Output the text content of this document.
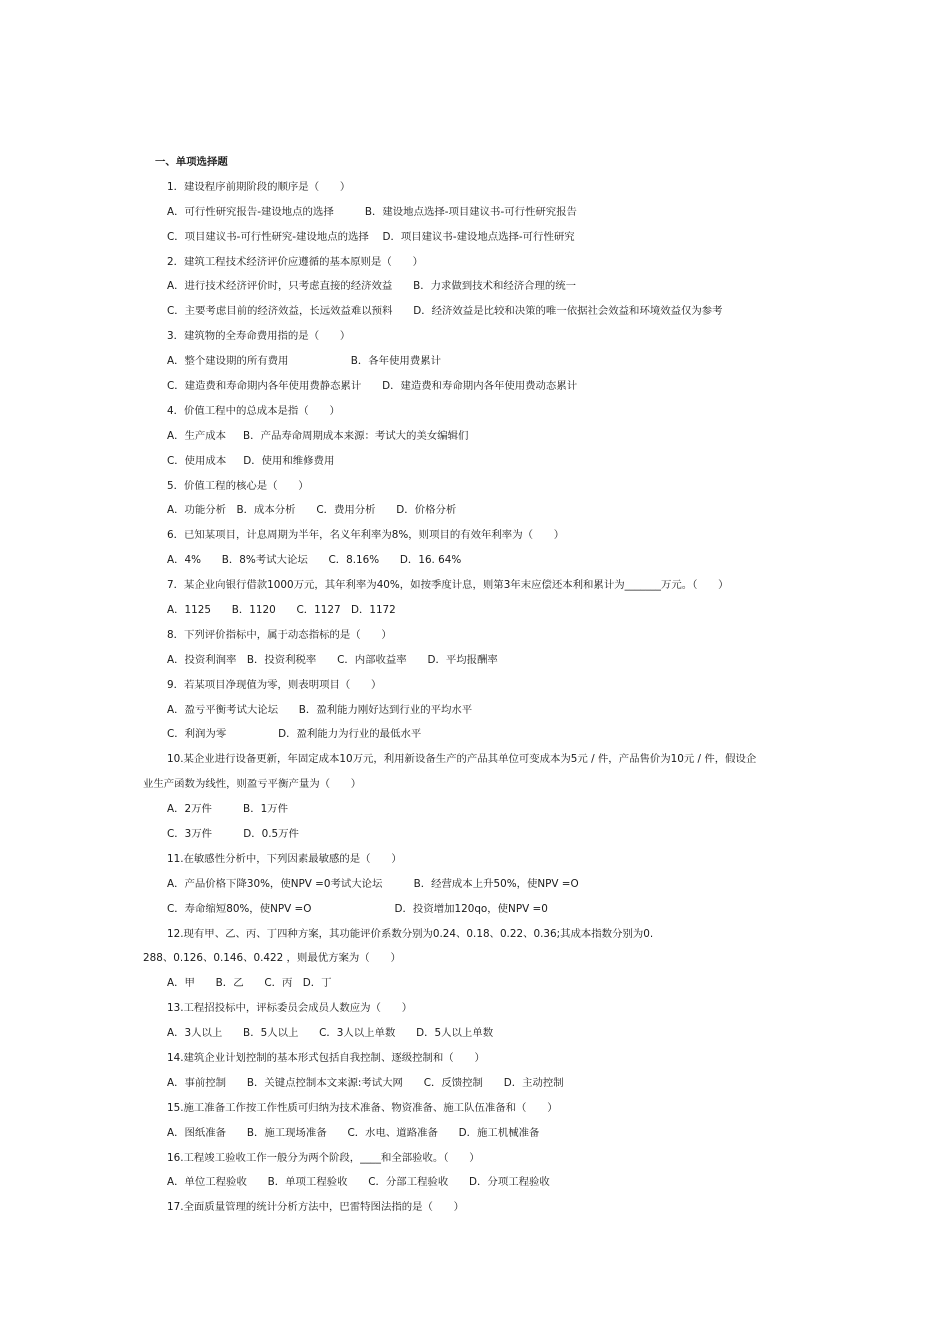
一、单项选择题
1．建设程序前期阶段的顺序是（　　）
A．可行性研究报告-建设地点的选择　　　B．建设地点选择-项目建议书-可行性研究报告
C．项目建议书-可行性研究-建设地点的选择　 D．项目建议书-建设地点选择-可行性研究
2．建筑工程技术经济评价应遵循的基本原则是（　　）
A．进行技术经济评价时，只考虑直接的经济效益　　B．力求做到技术和经济合理的统一
C．主要考虑目前的经济效益，长远效益难以预料　　D．经济效益是比较和决策的唯一依据社会效益和环境效益仅为参考
3．建筑物的全寿命费用指的是（　　）
A．整个建设期的所有费用　　　　　　B．各年使用费累计
C．建造费和寿命期内各年使用费静态累计　　D．建造费和寿命期内各年使用费动态累计
4．价值工程中的总成本是指（　　）
A．生产成本　  B．产品寿命周期成本来源：考试大的美女编辑们
C．使用成本　  D．使用和维修费用
5．价值工程的核心是（　　）
A．功能分析　B．成本分析　　C．费用分析　　D．价格分析
6．已知某项目，计息周期为半年，名义年利率为8%，则项目的有效年利率为（　　）
A．4%　　B．8%考试大论坛　　C．8.16%　　D．16. 64%
7．某企业向银行借款1000万元，其年利率为40%，如按季度计息，则第3年末应偿还本利和累计为_______万元。（　　）
A．1125　　B．1120　　C．1127　D．1172
8．下列评价指标中，属于动态指标的是（　　）
A．投资利润率　B．投资利税率　　C．内部收益率　　D．平均报酬率
9．若某项目净现值为零，则表明项目（　　）
A．盈亏平衡考试大论坛　　B．盈利能力刚好达到行业的平均水平
C．利润为零　　　　　D．盈利能力为行业的最低水平
10.某企业进行设备更新，年固定成本10万元，利用新设备生产的产品其单位可变成本为5元 / 件，产品售价为10元 / 件，假设企
业生产函数为线性，则盈亏平衡产量为（　　）
A．2万件　　　B．1万件
C．3万件　　　D．0.5万件
11.在敏感性分析中，下列因素最敏感的是（　　）
A．产品价格下降30%，使NPV =0考试大论坛　　　B．经营成本上升50%，使NPV =O
C．寿命缩短80%，使NPV =O　　　　　　　　D．投资增加120qo，使NPV =0
12.现有甲、乙、丙、丁四种方案，其功能评价系数分别为0.24、0.18、0.22、0.36;其成本指数分别为0.
288、0.126、0.146、0.422 ，则最优方案为（　　）
A．甲　　B．乙　　C．丙　D．丁
13.工程招投标中，评标委员会成员人数应为（　　）
A．3人以上　　B．5人以上　　C．3人以上单数　　D．5人以上单数
14.建筑企业计划控制的基本形式包括自我控制、逐级控制和（　　）
A．事前控制　　B．关键点控制本文来源:考试大网　　C．反馈控制　　D．主动控制
15.施工准备工作按工作性质可归纳为技术准备、物资准备、施工队伍准备和（　　）
A．图纸准备　　B．施工现场准备　　C．水电、道路准备　　D．施工机械准备
16.工程竣工验收工作一般分为两个阶段，____和全部验收。（　　）
A．单位工程验收　　B．单项工程验收　　C．分部工程验收　　D．分项工程验收
17.全面质量管理的统计分析方法中，巴雷特图法指的是（　　）
